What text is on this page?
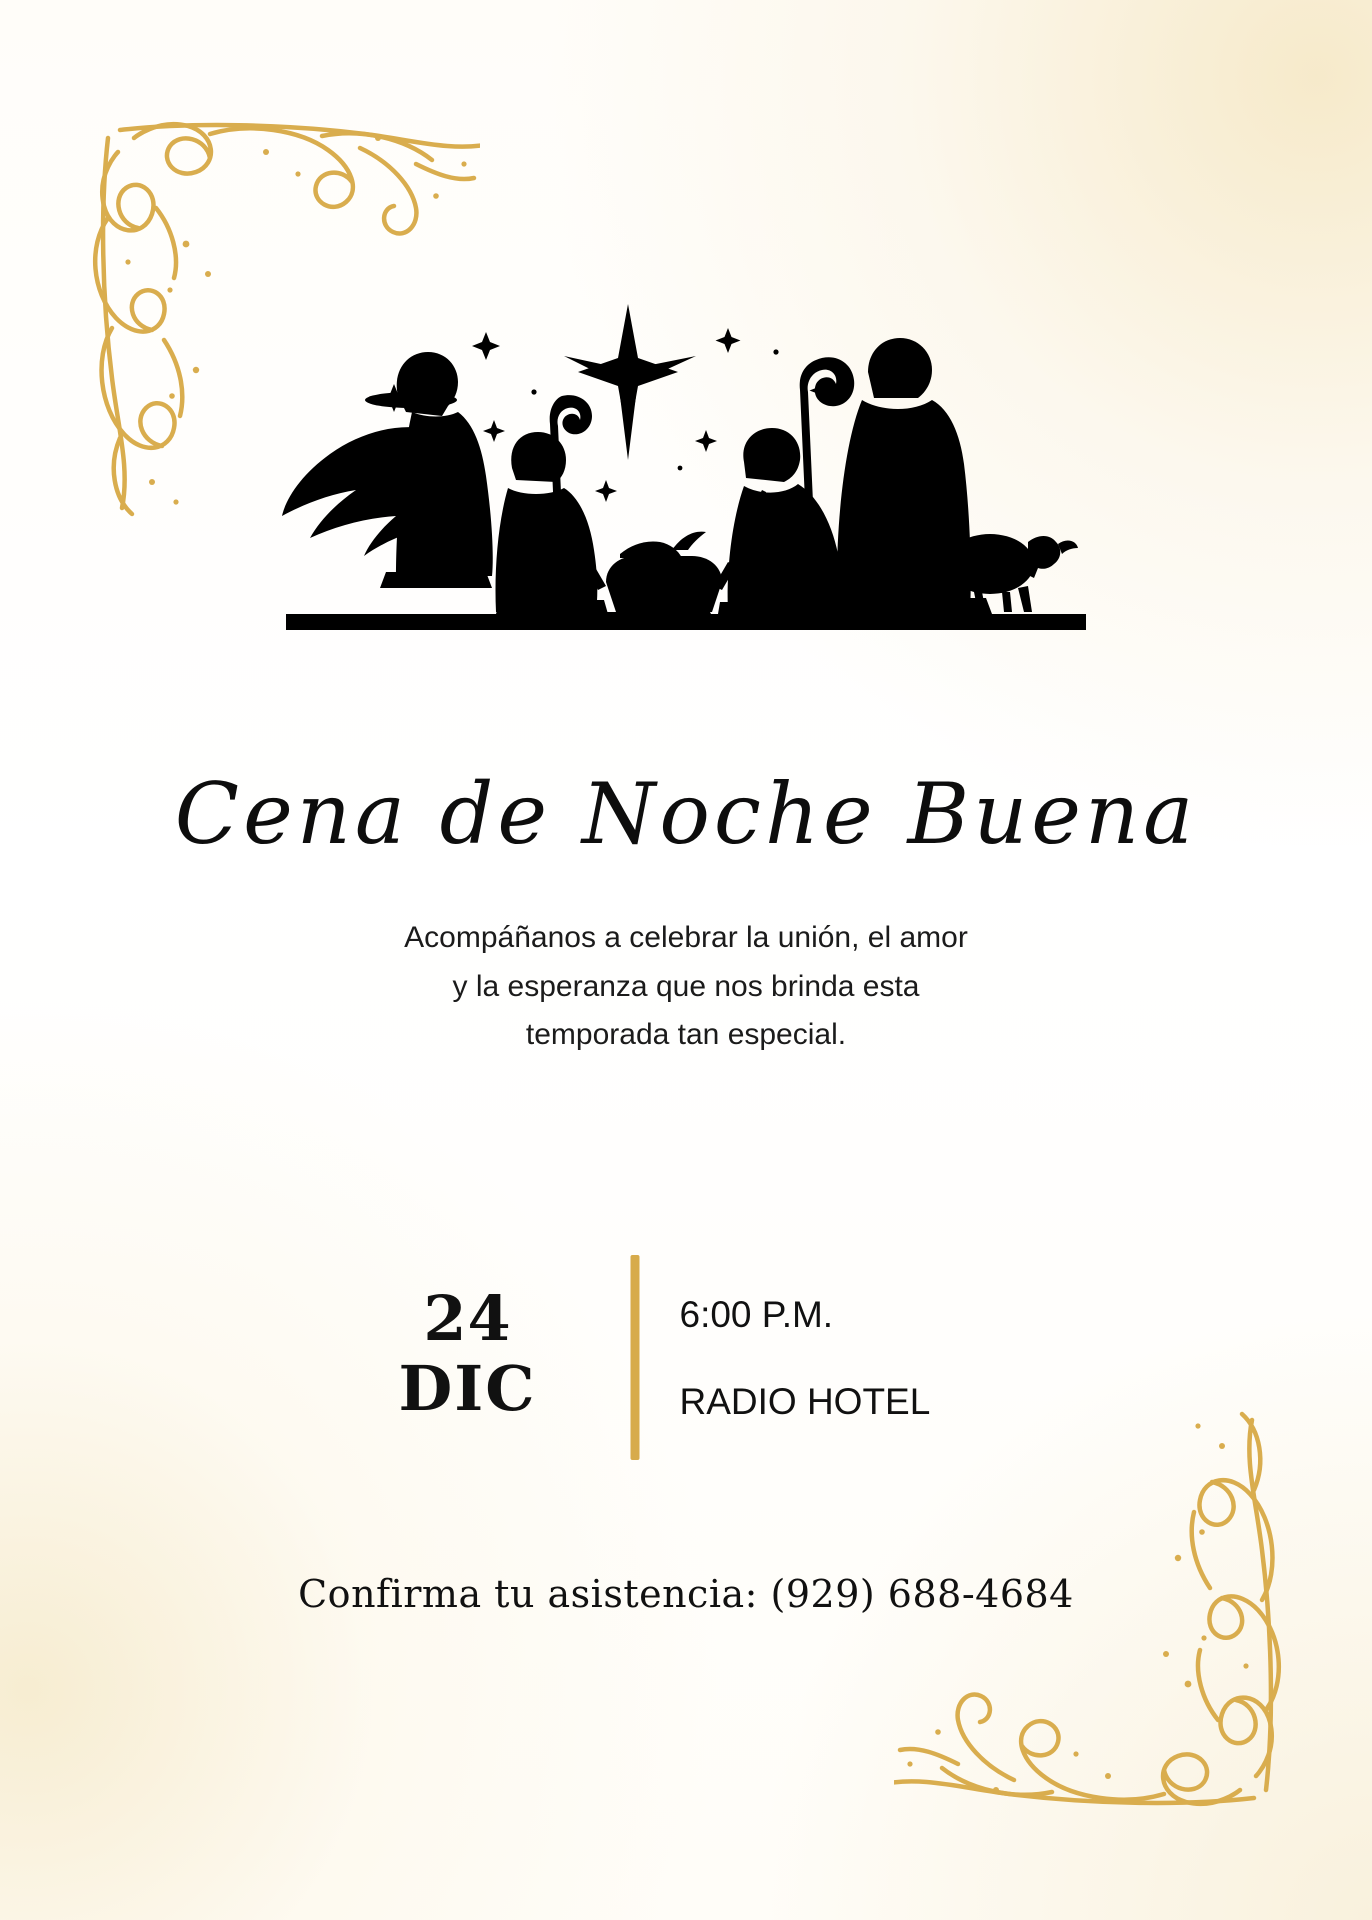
Cena de Noche Buena
Acompáñanos a celebrar la unión, el amor
y la esperanza que nos brinda esta
temporada tan especial.
24
DIC
6:00 P.M.
RADIO HOTEL
Confirma tu asistencia: (929) 688-4684
